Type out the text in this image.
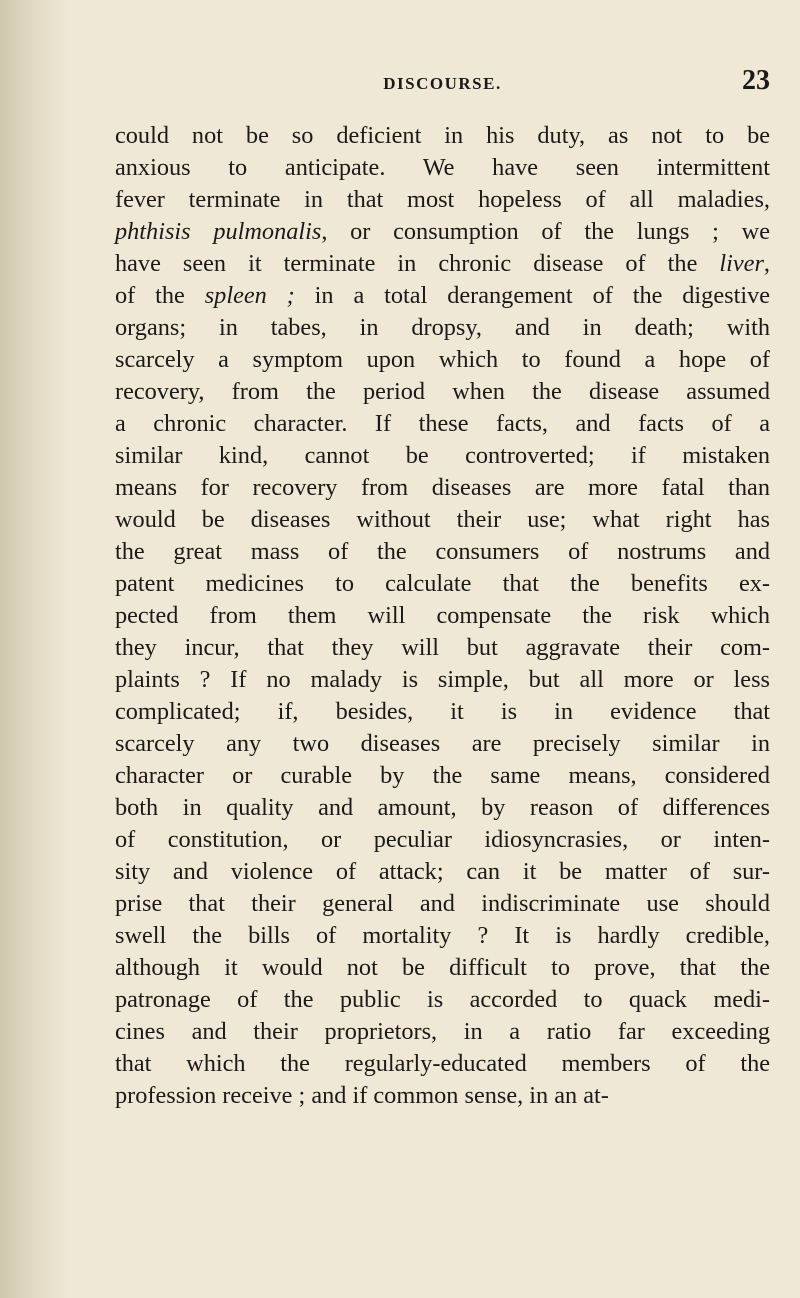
DISCOURSE.	23
could not be so deficient in his duty, as not to be
anxious to anticipate. We have seen intermittent
fever terminate in that most hopeless of all maladies,
phthisis pulmonalis, or consumption of the lungs ; we
have seen it terminate in chronic disease of the liver,
of the spleen ; in a total derangement of the digestive
organs; in tabes, in dropsy, and in death; with
scarcely a symptom upon which to found a hope of
recovery, from the period when the disease assumed
a chronic character. If these facts, and facts of a
similar kind, cannot be controverted; if mistaken
means for recovery from diseases are more fatal than
would be diseases without their use; what right has
the great mass of the consumers of nostrums and
patent medicines to calculate that the benefits ex-
pected from them will compensate the risk which
they incur, that they will but aggravate their com-
plaints ? If no malady is simple, but all more or less
complicated; if, besides, it is in evidence that
scarcely any two diseases are precisely similar in
character or curable by the same means, considered
both in quality and amount, by reason of differences
of constitution, or peculiar idiosyncrasies, or inten-
sity and violence of attack; can it be matter of sur-
prise that their general and indiscriminate use should
swell the bills of mortality ? It is hardly credible,
although it would not be difficult to prove, that the
patronage of the public is accorded to quack medi-
cines and their proprietors, in a ratio far exceeding
that which the regularly-educated members of the
profession receive ; and if common sense, in an at-
